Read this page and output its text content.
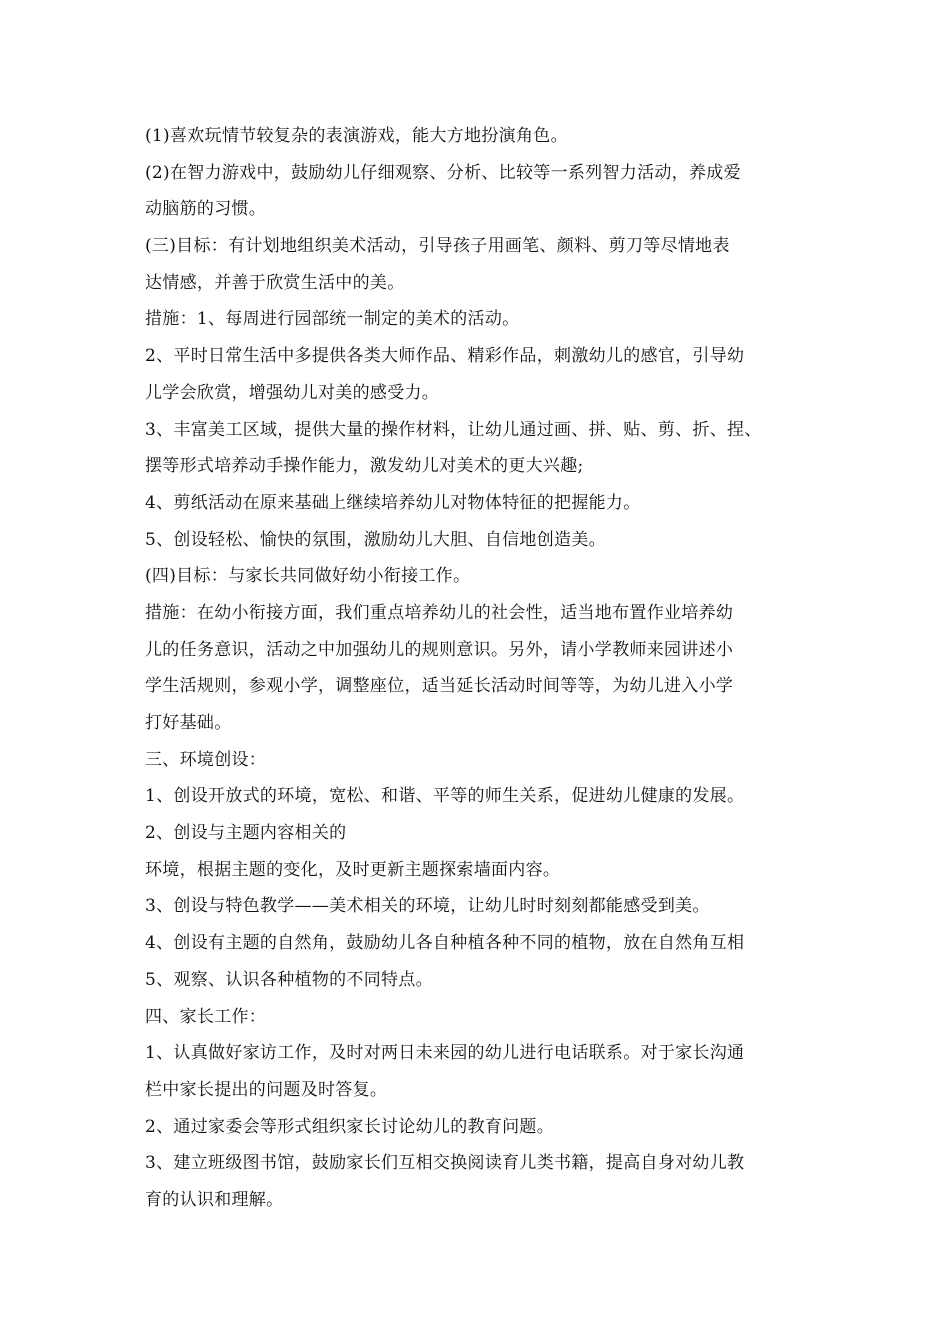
(1)喜欢玩情节较复杂的表演游戏，能大方地扮演角色。
(2)在智力游戏中，鼓励幼儿仔细观察、分析、比较等一系列智力活动，养成爱
动脑筋的习惯。
(三)目标：有计划地组织美术活动，引导孩子用画笔、颜料、剪刀等尽情地表
达情感，并善于欣赏生活中的美。
措施：1、每周进行园部统一制定的美术的活动。
2、平时日常生活中多提供各类大师作品、精彩作品，刺激幼儿的感官，引导幼
儿学会欣赏，增强幼儿对美的感受力。
3、丰富美工区域，提供大量的操作材料，让幼儿通过画、拼、贴、剪、折、捏、
摆等形式培养动手操作能力，激发幼儿对美术的更大兴趣;
4、剪纸活动在原来基础上继续培养幼儿对物体特征的把握能力。
5、创设轻松、愉快的氛围，激励幼儿大胆、自信地创造美。
(四)目标：与家长共同做好幼小衔接工作。
措施：在幼小衔接方面，我们重点培养幼儿的社会性，适当地布置作业培养幼
儿的任务意识，活动之中加强幼儿的规则意识。另外，请小学教师来园讲述小
学生活规则，参观小学，调整座位，适当延长活动时间等等，为幼儿进入小学
打好基础。
三、环境创设：
1、创设开放式的环境，宽松、和谐、平等的师生关系，促进幼儿健康的发展。
2、创设与主题内容相关的
环境，根据主题的变化，及时更新主题探索墙面内容。
3、创设与特色教学——美术相关的环境，让幼儿时时刻刻都能感受到美。
4、创设有主题的自然角，鼓励幼儿各自种植各种不同的植物，放在自然角互相
5、观察、认识各种植物的不同特点。
四、家长工作：
1、认真做好家访工作，及时对两日未来园的幼儿进行电话联系。对于家长沟通
栏中家长提出的问题及时答复。
2、通过家委会等形式组织家长讨论幼儿的教育问题。
3、建立班级图书馆，鼓励家长们互相交换阅读育儿类书籍，提高自身对幼儿教
育的认识和理解。
